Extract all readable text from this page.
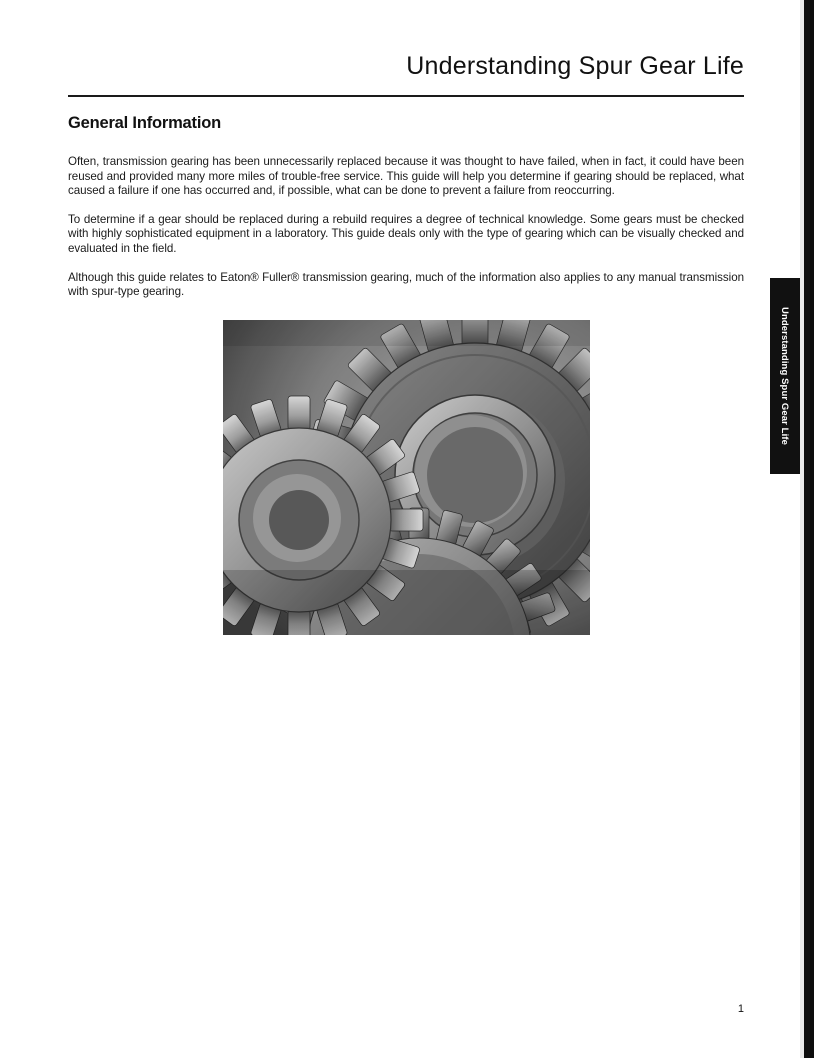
Understanding Spur Gear Life
General Information

Often, transmission gearing has been unnecessarily replaced because it was thought to have failed, when in fact, it could have been reused and provided many more miles of trouble-free service. This guide will help you determine if gearing should be replaced, what caused a failure if one has occurred and, if possible, what can be done to prevent a failure from reoccurring.

To determine if a gear should be replaced during a rebuild requires a degree of technical knowledge. Some gears must be checked with highly sophisticated equipment in a laboratory. This guide deals only with the type of gearing which can be visually checked and evaluated in the field.

Although this guide relates to Eaton® Fuller® transmission gearing, much of the information also applies to any manual transmission with spur-type gearing.

Understanding Spur Gear Life
1
